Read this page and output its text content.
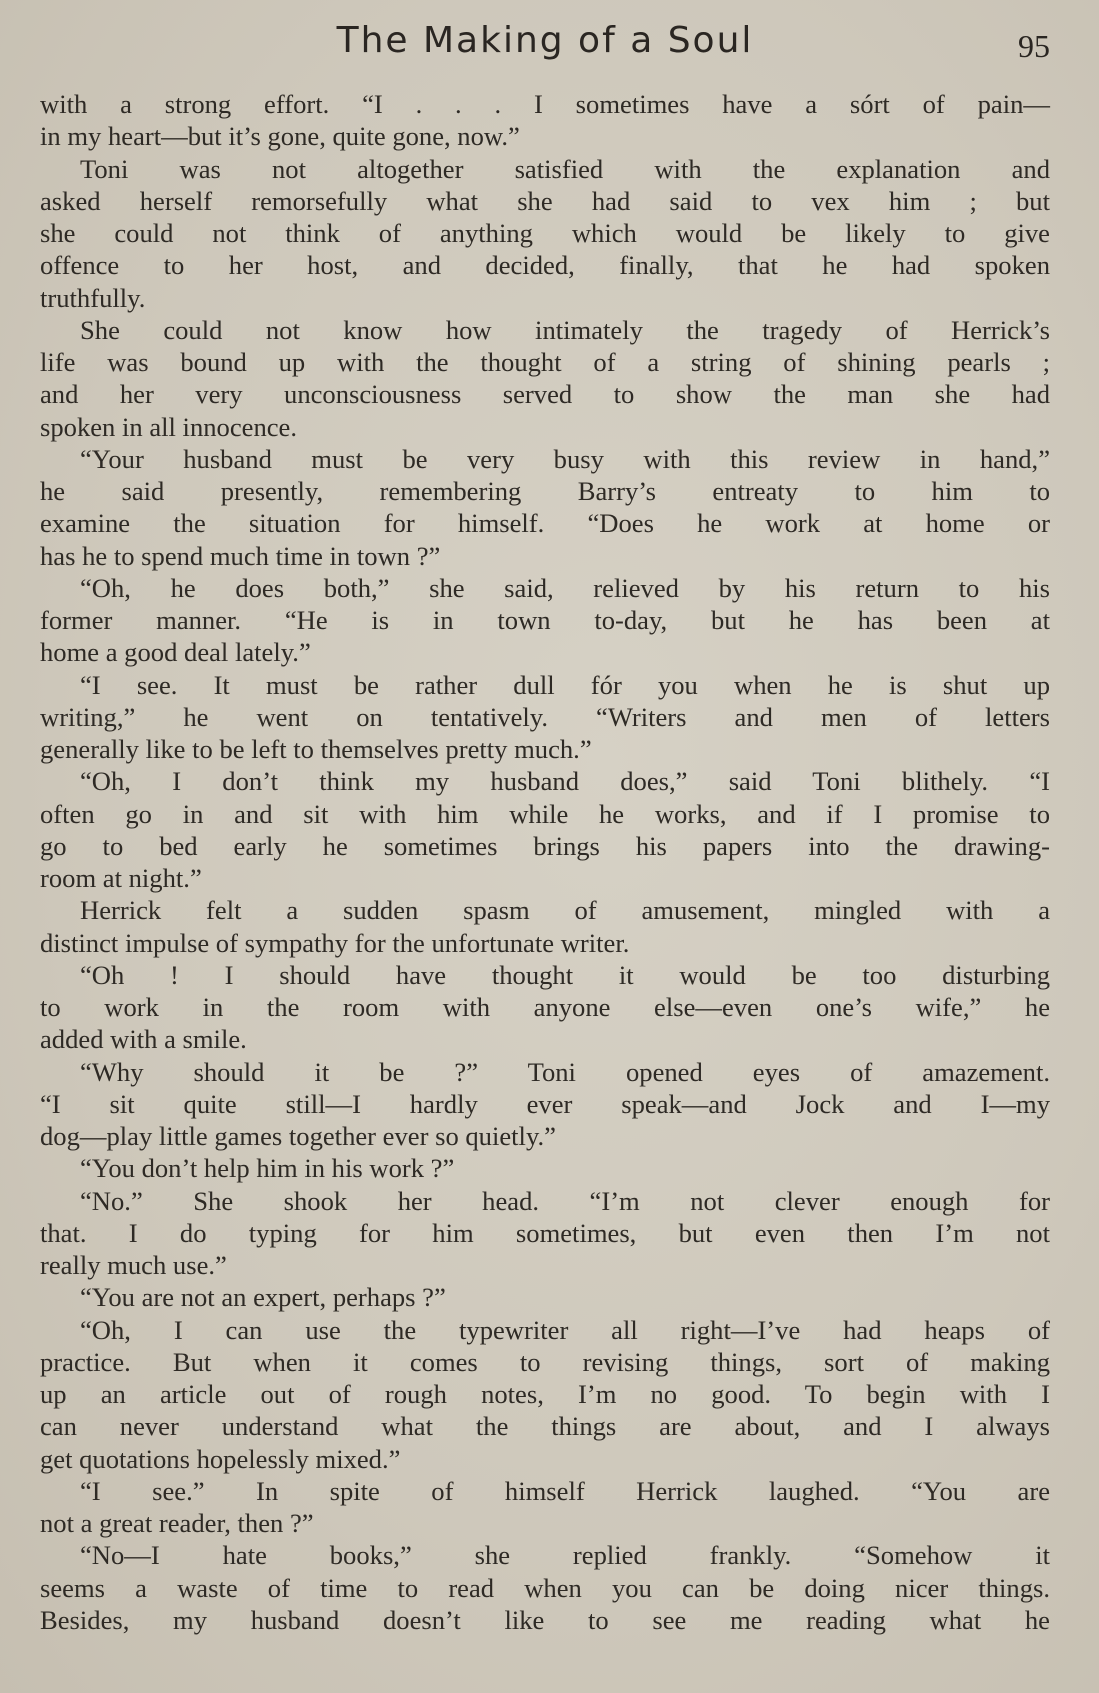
The Making of a Soul	95
with a strong effort. “I . . . I sometimes have a sórt of pain—
in my heart—but it’s gone, quite gone, now.”
Toni was not altogether satisfied with the explanation and
asked herself remorsefully what she had said to vex him ; but
she could not think of anything which would be likely to give
offence to her host, and decided, finally, that he had spoken
truthfully.
She could not know how intimately the tragedy of Herrick’s
life was bound up with the thought of a string of shining pearls ;
and her very unconsciousness served to show the man she had
spoken in all innocence.
“Your husband must be very busy with this review in hand,”
he said presently, remembering Barry’s entreaty to him to
examine the situation for himself. “Does he work at home or
has he to spend much time in town ?”
“Oh, he does both,” she said, relieved by his return to his
former manner. “He is in town to-day, but he has been at
home a good deal lately.”
“I see. It must be rather dull fór you when he is shut up
writing,” he went on tentatively. “Writers and men of letters
generally like to be left to themselves pretty much.”
“Oh, I don’t think my husband does,” said Toni blithely. “I
often go in and sit with him while he works, and if I promise to
go to bed early he sometimes brings his papers into the drawing-
room at night.”
Herrick felt a sudden spasm of amusement, mingled with a
distinct impulse of sympathy for the unfortunate writer.
“Oh ! I should have thought it would be too disturbing
to work in the room with anyone else—even one’s wife,” he
added with a smile.
“Why should it be ?” Toni opened eyes of amazement.
“I sit quite still—I hardly ever speak—and Jock and I—my
dog—play little games together ever so quietly.”
“You don’t help him in his work ?”
“No.” She shook her head. “I’m not clever enough for
that. I do typing for him sometimes, but even then I’m not
really much use.”
“You are not an expert, perhaps ?”
“Oh, I can use the typewriter all right—I’ve had heaps of
practice. But when it comes to revising things, sort of making
up an article out of rough notes, I’m no good. To begin with I
can never understand what the things are about, and I always
get quotations hopelessly mixed.”
“I see.” In spite of himself Herrick laughed. “You are
not a great reader, then ?”
“No—I hate books,” she replied frankly. “Somehow it
seems a waste of time to read when you can be doing nicer things.
Besides, my husband doesn’t like to see me reading what he
